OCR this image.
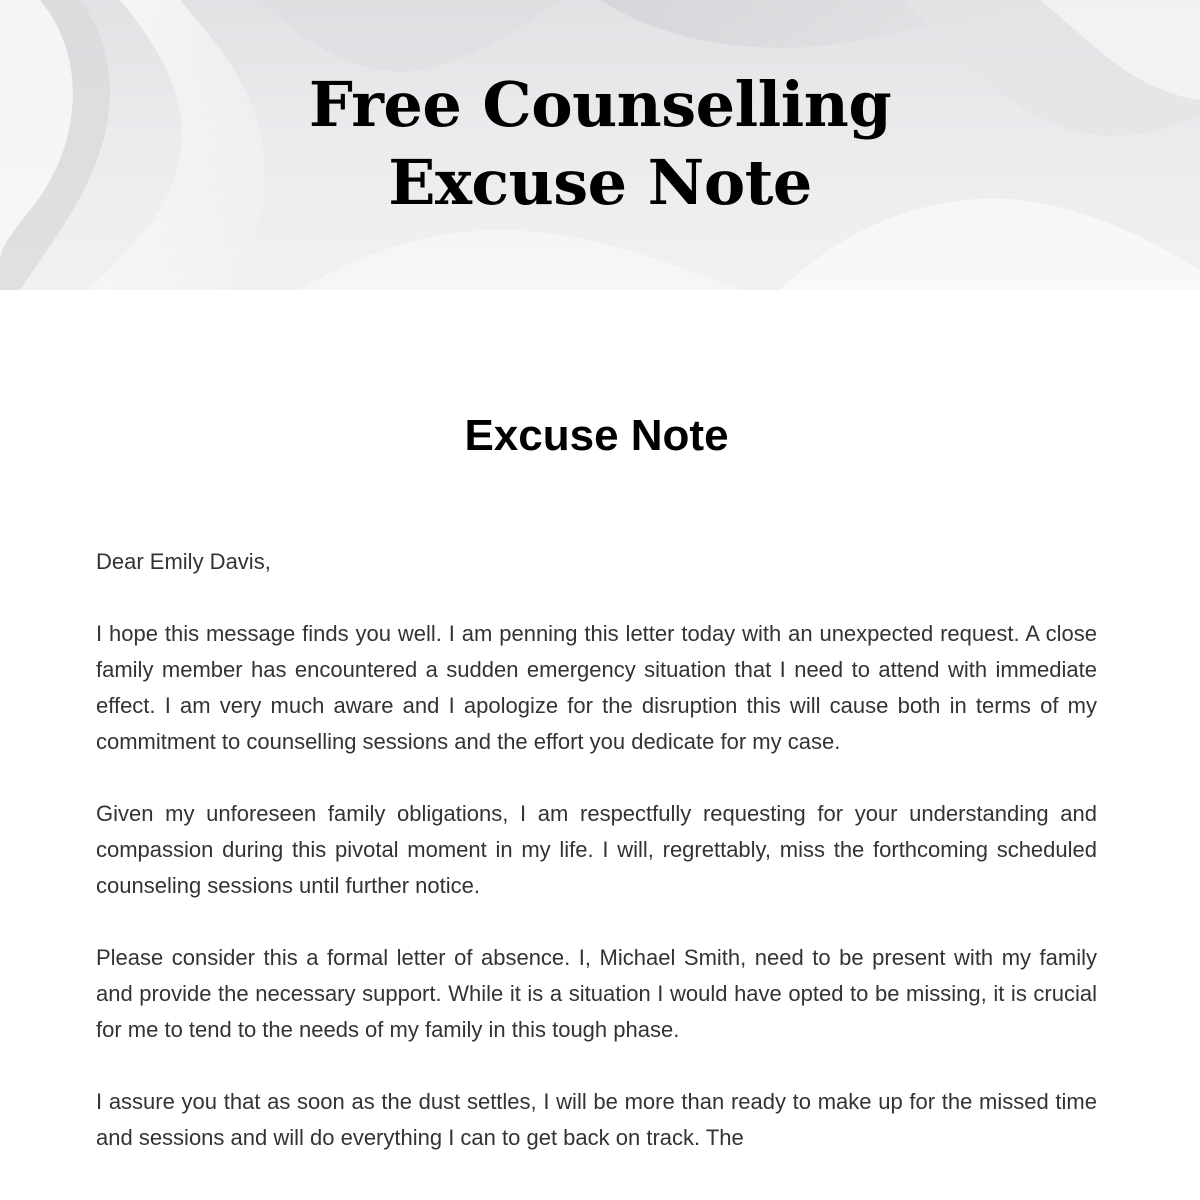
Free Counselling
Excuse Note
Excuse Note

Dear Emily Davis,

I hope this message finds you well. I am penning this letter today with an unexpected request. A close family member has encountered a sudden emergency situation that I need to attend with immediate effect. I am very much aware and I apologize for the disruption this will cause both in terms of my commitment to counselling sessions and the effort you dedicate for my case.

Given my unforeseen family obligations, I am respectfully requesting for your understanding and compassion during this pivotal moment in my life. I will, regrettably, miss the forthcoming scheduled counseling sessions until further notice.

Please consider this a formal letter of absence. I, Michael Smith, need to be present with my family and provide the necessary support. While it is a situation I would have opted to be missing, it is crucial for me to tend to the needs of my family in this tough phase.

I assure you that as soon as the dust settles, I will be more than ready to make up for the missed time and sessions and will do everything I can to get back on track. The
